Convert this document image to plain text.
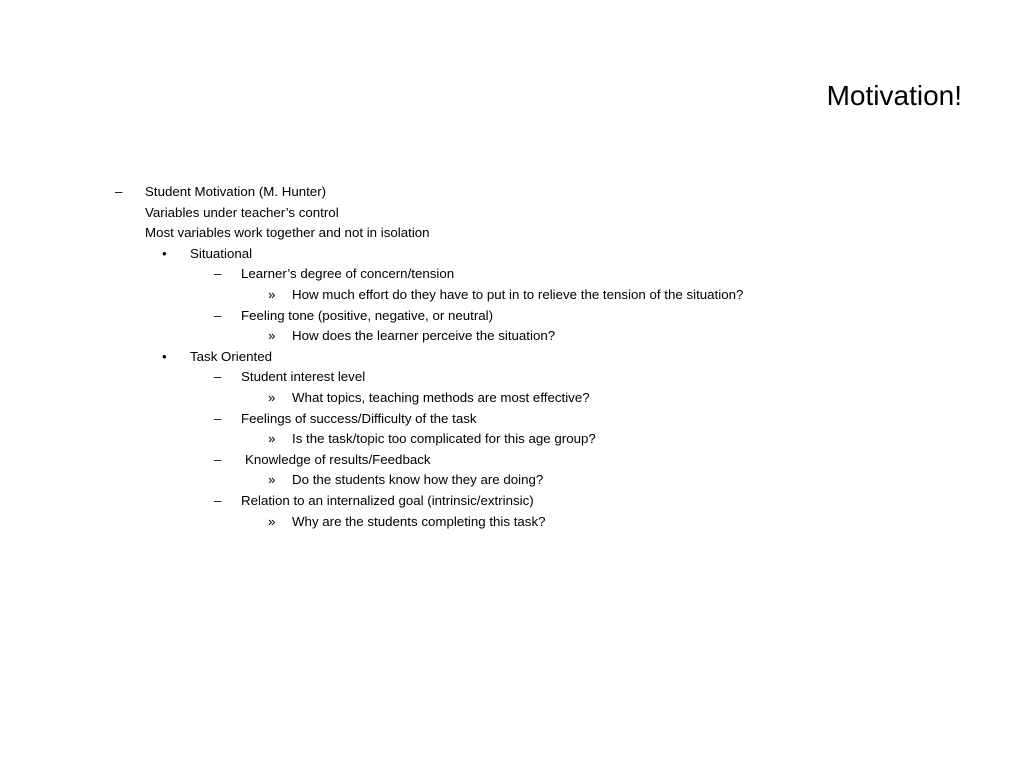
Motivation!
– Student Motivation (M. Hunter)
Variables under teacher’s control
Most variables work together and not in isolation
• Situational
– Learner’s degree of concern/tension
» How much effort do they have to put in to relieve the tension of the situation?
– Feeling tone (positive, negative, or neutral)
» How does the learner perceive the situation?
• Task Oriented
– Student interest level
» What topics, teaching methods are most effective?
– Feelings of success/Difficulty of the task
» Is the task/topic too complicated for this age group?
– Knowledge of results/Feedback
» Do the students know how they are doing?
– Relation to an internalized goal (intrinsic/extrinsic)
» Why are the students completing this task?
